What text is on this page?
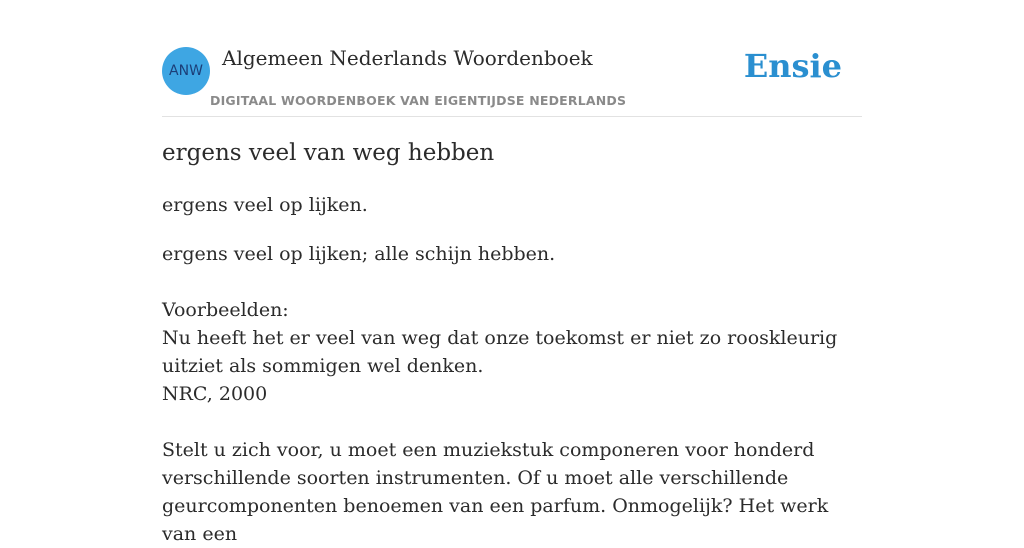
ANW
Algemeen Nederlands Woordenboek
DIGITAAL WOORDENBOEK VAN EIGENTIJDSE NEDERLANDS
Ensie
ergens veel van weg hebben
ergens veel op lijken.

ergens veel op lijken; alle schijn hebben.

Voorbeelden:

Nu heeft het er veel van weg dat onze toekomst er niet zo rooskleurig uitziet als sommigen wel denken.

NRC, 2000

Stelt u zich voor, u moet een muziekstuk componeren voor honderd verschillende soorten instrumenten. Of u moet alle verschillende geurcomponenten benoemen van een parfum. Onmogelijk? Het werk van een
